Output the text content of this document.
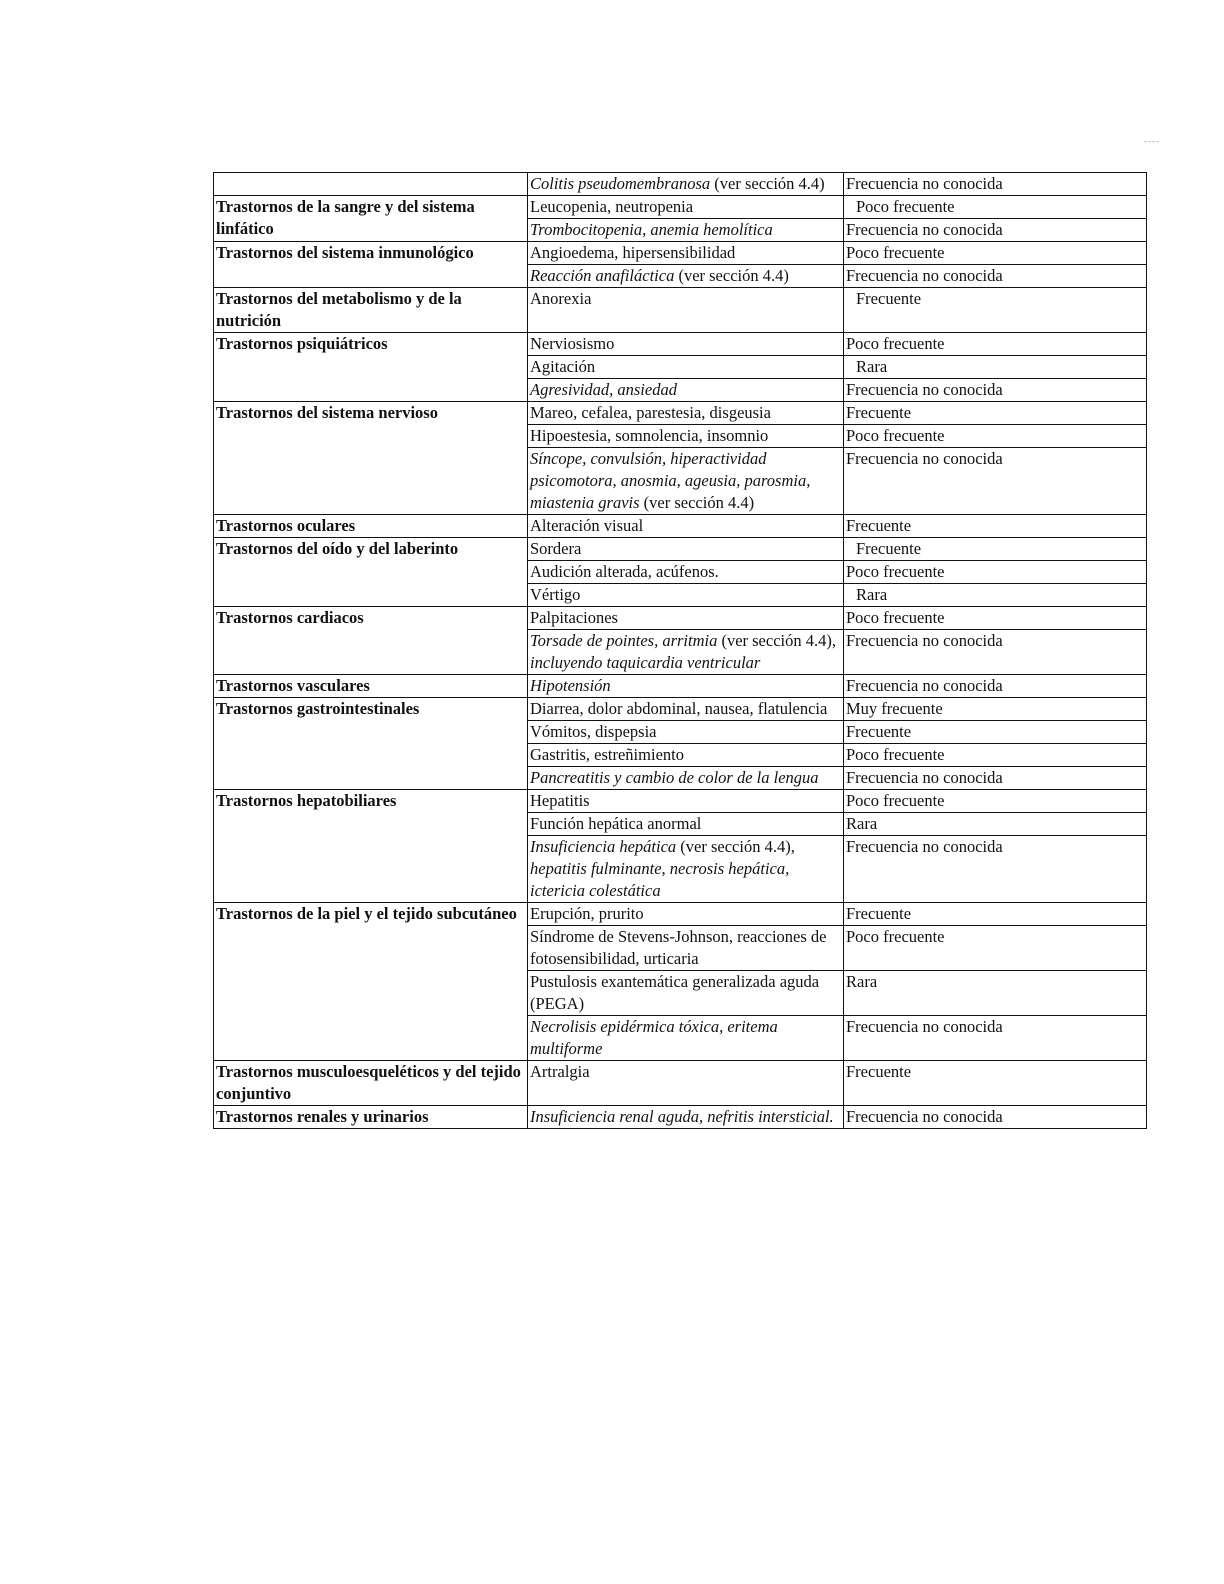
----
	Colitis pseudomembranosa (ver sección 4.4)	Frecuencia no conocida
Trastornos de la sangre y del sistema linfático	Leucopenia, neutropenia	Poco frecuente
	Trombocitopenia, anemia hemolítica	Frecuencia no conocida
Trastornos del sistema inmunológico	Angioedema, hipersensibilidad	Poco frecuente
	Reacción anafiláctica (ver sección 4.4)	Frecuencia no conocida
Trastornos del metabolismo y de la nutrición	Anorexia	Frecuente
Trastornos psiquiátricos	Nerviosismo	Poco frecuente
	Agitación	Rara
	Agresividad, ansiedad	Frecuencia no conocida
Trastornos del sistema nervioso	Mareo, cefalea, parestesia, disgeusia	Frecuente
	Hipoestesia, somnolencia, insomnio	Poco frecuente
	Síncope, convulsión, hiperactividad psicomotora, anosmia, ageusia, parosmia, miastenia gravis (ver sección 4.4)	Frecuencia no conocida
Trastornos oculares	Alteración visual	Frecuente
Trastornos del oído y del laberinto	Sordera	Frecuente
	Audición alterada, acúfenos.	Poco frecuente
	Vértigo	Rara
Trastornos cardiacos	Palpitaciones	Poco frecuente
	Torsade de pointes, arritmia (ver sección 4.4), incluyendo taquicardia ventricular	Frecuencia no conocida
Trastornos vasculares	Hipotensión	Frecuencia no conocida
Trastornos gastrointestinales	Diarrea, dolor abdominal, nausea, flatulencia	Muy frecuente
	Vómitos, dispepsia	Frecuente
	Gastritis, estreñimiento	Poco frecuente
	Pancreatitis y cambio de color de la lengua	Frecuencia no conocida
Trastornos hepatobiliares	Hepatitis	Poco frecuente
	Función hepática anormal	Rara
	Insuficiencia hepática (ver sección 4.4), hepatitis fulminante, necrosis hepática, ictericia colestática	Frecuencia no conocida
Trastornos de la piel y el tejido subcutáneo	Erupción, prurito	Frecuente
	Síndrome de Stevens-Johnson, reacciones de fotosensibilidad, urticaria	Poco frecuente
	Pustulosis exantemática generalizada aguda (PEGA)	Rara
	Necrolisis epidérmica tóxica, eritema multiforme	Frecuencia no conocida
Trastornos musculoesqueléticos y del tejido conjuntivo	Artralgia	Frecuente
Trastornos renales y urinarios	Insuficiencia renal aguda, nefritis intersticial.	Frecuencia no conocida
